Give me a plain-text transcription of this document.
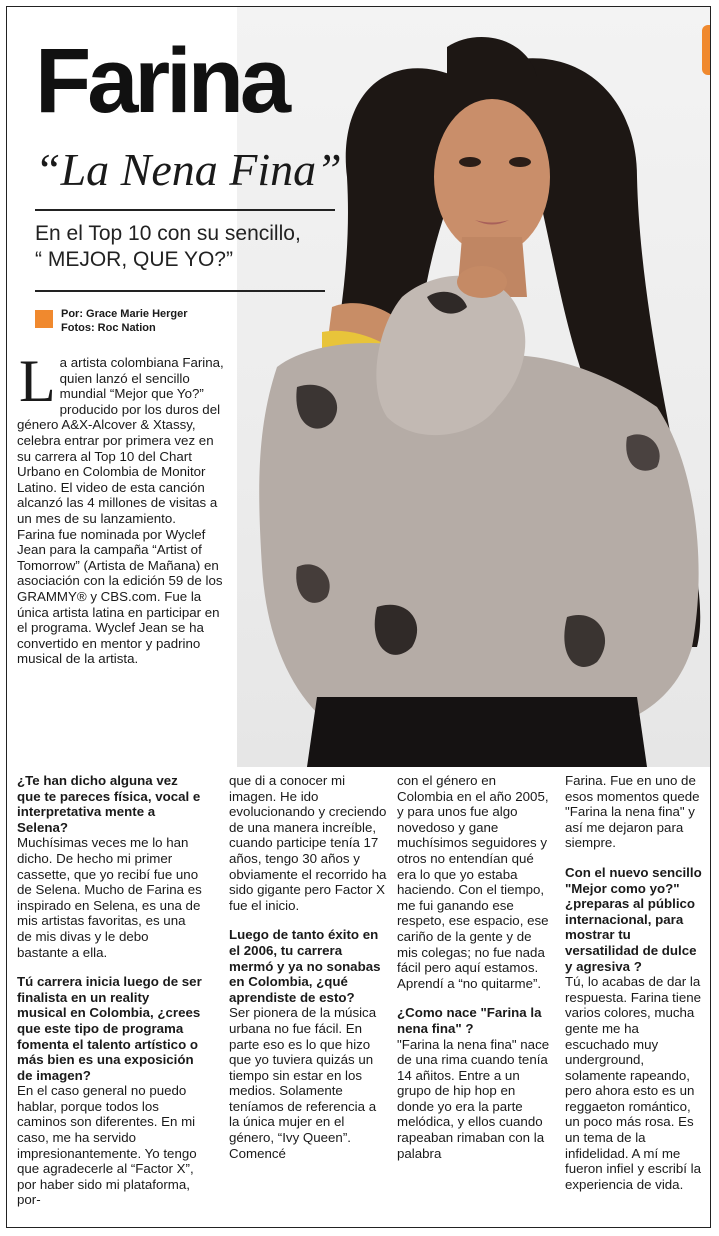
Farina
“La Nena Fina”
En el Top 10 con su sencillo,
“ MEJOR, QUE YO?”
Por: Grace Marie Herger
Fotos: Roc Nation
L a artista colombiana Farina, quien lanzó el sencillo mundial “Mejor que Yo?” producido por los duros del género A&X-Alcover & Xtassy, celebra entrar por primera vez en su carrera al Top 10 del Chart Urbano en Colombia de Monitor Latino. El video de esta canción alcanzó las 4 millones de visitas a un mes de su lanzamiento.

Farina fue nominada por Wyclef Jean para la campaña “Artist of Tomorrow” (Artista de Mañana) en asociación con la edición 59 de los GRAMMY® y CBS.com. Fue la única artista latina en participar en el programa. Wyclef Jean se ha convertido en mentor y padrino musical de la artista.

¿Te han dicho alguna vez que te pareces física, vocal e interpretativa mente a Selena?

Muchísimas veces me lo han dicho. De hecho mi primer cassette, que yo recibí fue uno de Selena. Mucho de Farina es inspirado en Selena, es una de mis artistas favoritas, es una de mis divas y le debo bastante a ella.

Tú carrera inicia luego de ser finalista en un reality musical en Colombia, ¿crees que este tipo de programa fomenta el talento artístico o más bien es una exposición de imagen?

En el caso general no puedo hablar, porque todos los caminos son diferentes. En mi caso, me ha servido impresionantemente. Yo tengo que agradecerle al “Factor X”, por haber sido mi plataforma, por-

que di a conocer mi imagen. He ido evolucionando y creciendo de una manera increíble, cuando participe tenía 17 años, tengo 30 años y obviamente el recorrido ha sido gigante pero Factor X fue el inicio.

Luego de tanto éxito en el 2006, tu carrera mermó y ya no sonabas en Colombia, ¿qué aprendiste de esto?

Ser pionera de la música urbana no fue fácil. En parte eso es lo que hizo que yo tuviera quizás un tiempo sin estar en los medios. Solamente teníamos de referencia a la única mujer en el género, “Ivy Queen”. Comencé

con el género en Colombia en el año 2005, y para unos fue algo novedoso y gane muchísimos seguidores y otros no entendían qué era lo que yo estaba haciendo. Con el tiempo, me fui ganando ese respeto, ese espacio, ese cariño de la gente y de mis colegas; no fue nada fácil pero aquí estamos. Aprendí a “no quitarme”.

¿Como nace "Farina la nena fina" ?

"Farina la nena fina" nace de una rima cuando tenía 14 añitos. Entre a un grupo de hip hop en donde yo era la parte melódica, y ellos cuando rapeaban rimaban con la palabra

Farina. Fue en uno de esos momentos quede "Farina la nena fina" y así me dejaron para siempre.

Con el nuevo sencillo "Mejor como yo?" ¿preparas al público internacional, para mostrar tu versatilidad de dulce y agresiva ?

Tú, lo acabas de dar la respuesta. Farina tiene varios colores, mucha gente me ha escuchado muy underground, solamente rapeando, pero ahora esto es un reggaeton romántico, un poco más rosa. Es un tema de la infidelidad. A mí me fueron infiel y escribí la experiencia de vida.
